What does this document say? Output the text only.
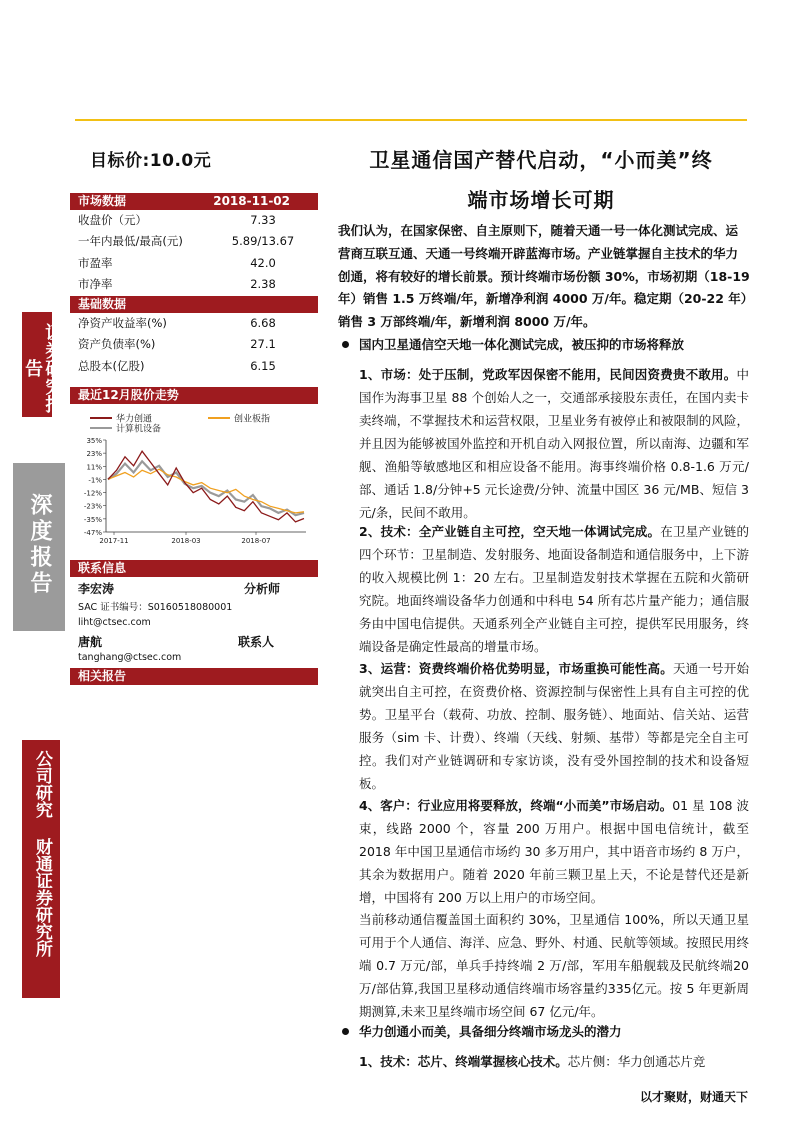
目标价:10.0元	卫星通信国产替代启动，“小而美”终
端市场增长可期
证券研究报告
深度报告
公司研究
财通证券研究所
市场数据	2018-11-02
收盘价（元）	7.33
一年内最低/最高(元)	5.89/13.67
市盈率	42.0
市净率	2.38
基础数据
净资产收益率(%)	6.68
资产负债率(%)	27.1
总股本(亿股)	6.15
最近12月股价走势
华力创通	创业板指
计算机设备
35%
23%
11%
-1%
-12%
-23%
-35%
-47%
2017-11	2018-03	2018-07
联系信息
李宏涛	分析师
SAC 证书编号：S0160518080001
liht@ctsec.com
唐航	联系人
tanghang@ctsec.com
相关报告
我们认为，在国家保密、自主原则下，随着天通一号一体化测试完成、运营商互联互通、天通一号终端开辟蓝海市场。产业链掌握自主技术的华力创通，将有较好的增长前景。预计终端市场份额 30%，市场初期（18-19 年）销售 1.5 万终端/年，新增净利润 4000 万/年。稳定期（20-22 年）销售 3 万部终端/年，新增利润 8000 万/年。
国内卫星通信空天地一体化测试完成，被压抑的市场将释放
1、市场：处于压制，党政军因保密不能用，民间因资费贵不敢用。中国作为海事卫星 88 个创始人之一，交通部承接股东责任，在国内卖卡卖终端，不掌握技术和运营权限，卫星业务有被停止和被限制的风险，并且因为能够被国外监控和开机自动入网报位置，所以南海、边疆和军舰、渔船等敏感地区和相应设备不能用。海事终端价格 0.8-1.6 万元/部、通话 1.8/分钟+5 元长途费/分钟、流量中国区 36 元/MB、短信 3 元/条，民间不敢用。
2、技术：全产业链自主可控，空天地一体调试完成。在卫星产业链的四个环节：卫星制造、发射服务、地面设备制造和通信服务中，上下游的收入规模比例 1：20 左右。卫星制造发射技术掌握在五院和火箭研究院。地面终端设备华力创通和中科电 54 所有芯片量产能力；通信服务由中国电信提供。天通系列全产业链自主可控，提供军民用服务，终端设备是确定性最高的增量市场。
3、运营：资费终端价格优势明显，市场重换可能性高。天通一号开始就突出自主可控，在资费价格、资源控制与保密性上具有自主可控的优势。卫星平台（载荷、功放、控制、服务链）、地面站、信关站、运营服务（sim 卡、计费）、终端（天线、射频、基带）等都是完全自主可控。我们对产业链调研和专家访谈，没有受外国控制的技术和设备短板。
4、客户：行业应用将要释放，终端“小而美”市场启动。01 星 108 波束，线路 2000 个，容量 200 万用户。根据中国电信统计，截至 2018 年中国卫星通信市场约 30 多万用户，其中语音市场约 8 万户，其余为数据用户。随着 2020 年前三颗卫星上天，不论是替代还是新增，中国将有 200 万以上用户的市场空间。
当前移动通信覆盖国土面积约 30%，卫星通信 100%，所以天通卫星可用于个人通信、海洋、应急、野外、村通、民航等领域。按照民用终端 0.7 万元/部，单兵手持终端 2 万/部，军用车船舰载及民航终端20万/部估算,我国卫星移动通信终端市场容量约335亿元。按 5 年更新周期测算,未来卫星终端市场空间 67 亿元/年。
华力创通小而美，具备细分终端市场龙头的潜力
1、技术：芯片、终端掌握核心技术。芯片侧：华力创通芯片竞
以才聚财，财通天下
